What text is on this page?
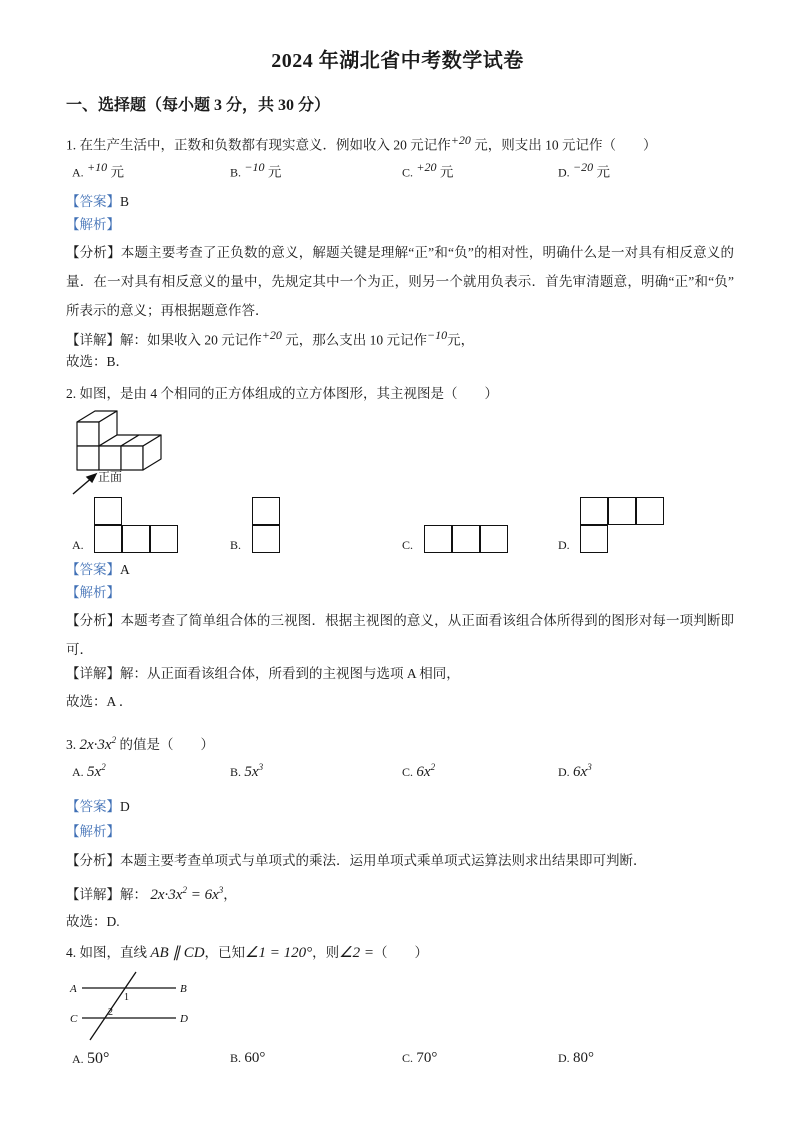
2024 年湖北省中考数学试卷
一、选择题（每小题 3 分，共 30 分）
1. 在生产生活中，正数和负数都有现实意义．例如收入 20 元记作+20 元，则支出 10 元记作（　　）
A. +10 元	B. −10 元	C. +20 元	D. −20 元
【答案】B
【解析】
【分析】本题主要考查了正负数的意义，解题关键是理解“正”和“负”的相对性，明确什么是一对具有相反意义的量．在一对具有相反意义的量中，先规定其中一个为正，则另一个就用负表示．首先审清题意，明确“正”和“负”所表示的意义；再根据题意作答．
【详解】解：如果收入 20 元记作+20 元，那么支出 10 元记作−10元，
故选：B．
2. 如图，是由 4 个相同的正方体组成的立方体图形，其主视图是（　　）
正面
A.	B.	C.	D.
【答案】A
【解析】
【分析】本题考查了简单组合体的三视图．根据主视图的意义，从正面看该组合体所得到的图形对每一项判断即可．
【详解】解：从正面看该组合体，所看到的主视图与选项 A 相同，
故选：A ．
3. $2x\cdot 3x^2$ 的值是（　　）
A. $5x^2$	B. $5x^3$	C. $6x^2$	D. $6x^3$
【答案】D
【解析】
【分析】本题主要考查单项式与单项式的乘法．运用单项式乘单项式运算法则求出结果即可判断．
【详解】解： $2x\cdot 3x^2 = 6x^3$，
故选：D.
4. 如图，直线 AB ∥ CD，已知∠1 = 120°，则∠2 =（　　）
A	B
C	D
1
2
A. 50°	B. 60°	C. 70°	D. 80°
